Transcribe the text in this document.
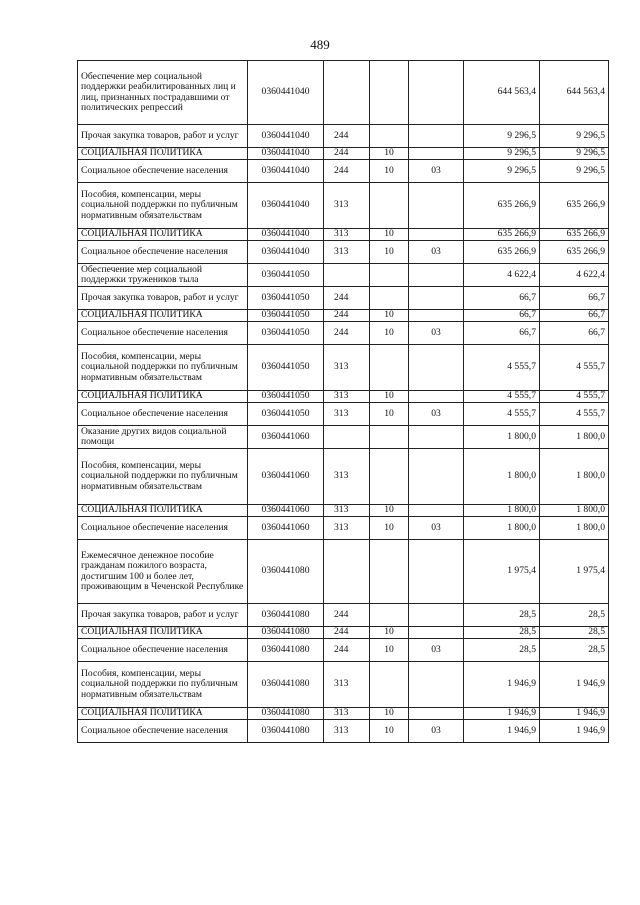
489
Обеспечение мер социальной поддержки реабилитированных лиц и лиц, признанных пострадавшими от политических репрессий	0360441040				644 563,4	644 563,4
Прочая закупка товаров, работ и услуг	0360441040	244			9 296,5	9 296,5
СОЦИАЛЬНАЯ ПОЛИТИКА	0360441040	244	10		9 296,5	9 296,5
Социальное обеспечение населения	0360441040	244	10	03	9 296,5	9 296,5
Пособия, компенсации, меры социальной поддержки по публичным нормативным обязательствам	0360441040	313			635 266,9	635 266,9
СОЦИАЛЬНАЯ ПОЛИТИКА	0360441040	313	10		635 266,9	635 266,9
Социальное обеспечение населения	0360441040	313	10	03	635 266,9	635 266,9
Обеспечение мер социальной поддержки тружеников тыла	0360441050				4 622,4	4 622,4
Прочая закупка товаров, работ и услуг	0360441050	244			66,7	66,7
СОЦИАЛЬНАЯ ПОЛИТИКА	0360441050	244	10		66,7	66,7
Социальное обеспечение населения	0360441050	244	10	03	66,7	66,7
Пособия, компенсации, меры социальной поддержки по публичным нормативным обязательствам	0360441050	313			4 555,7	4 555,7
СОЦИАЛЬНАЯ ПОЛИТИКА	0360441050	313	10		4 555,7	4 555,7
Социальное обеспечение населения	0360441050	313	10	03	4 555,7	4 555,7
Оказание других видов социальной помощи	0360441060				1 800,0	1 800,0
Пособия, компенсации, меры социальной поддержки по публичным нормативным обязательствам	0360441060	313			1 800,0	1 800,0
СОЦИАЛЬНАЯ ПОЛИТИКА	0360441060	313	10		1 800,0	1 800,0
Социальное обеспечение населения	0360441060	313	10	03	1 800,0	1 800,0
Ежемесячное денежное пособие гражданам пожилого возраста, достигшим 100 и более лет, проживающим в Чеченской Республике	0360441080				1 975,4	1 975,4
Прочая закупка товаров, работ и услуг	0360441080	244			28,5	28,5
СОЦИАЛЬНАЯ ПОЛИТИКА	0360441080	244	10		28,5	28,5
Социальное обеспечение населения	0360441080	244	10	03	28,5	28,5
Пособия, компенсации, меры социальной поддержки по публичным нормативным обязательствам	0360441080	313			1 946,9	1 946,9
СОЦИАЛЬНАЯ ПОЛИТИКА	0360441080	313	10		1 946,9	1 946,9
Социальное обеспечение населения	0360441080	313	10	03	1 946,9	1 946,9
